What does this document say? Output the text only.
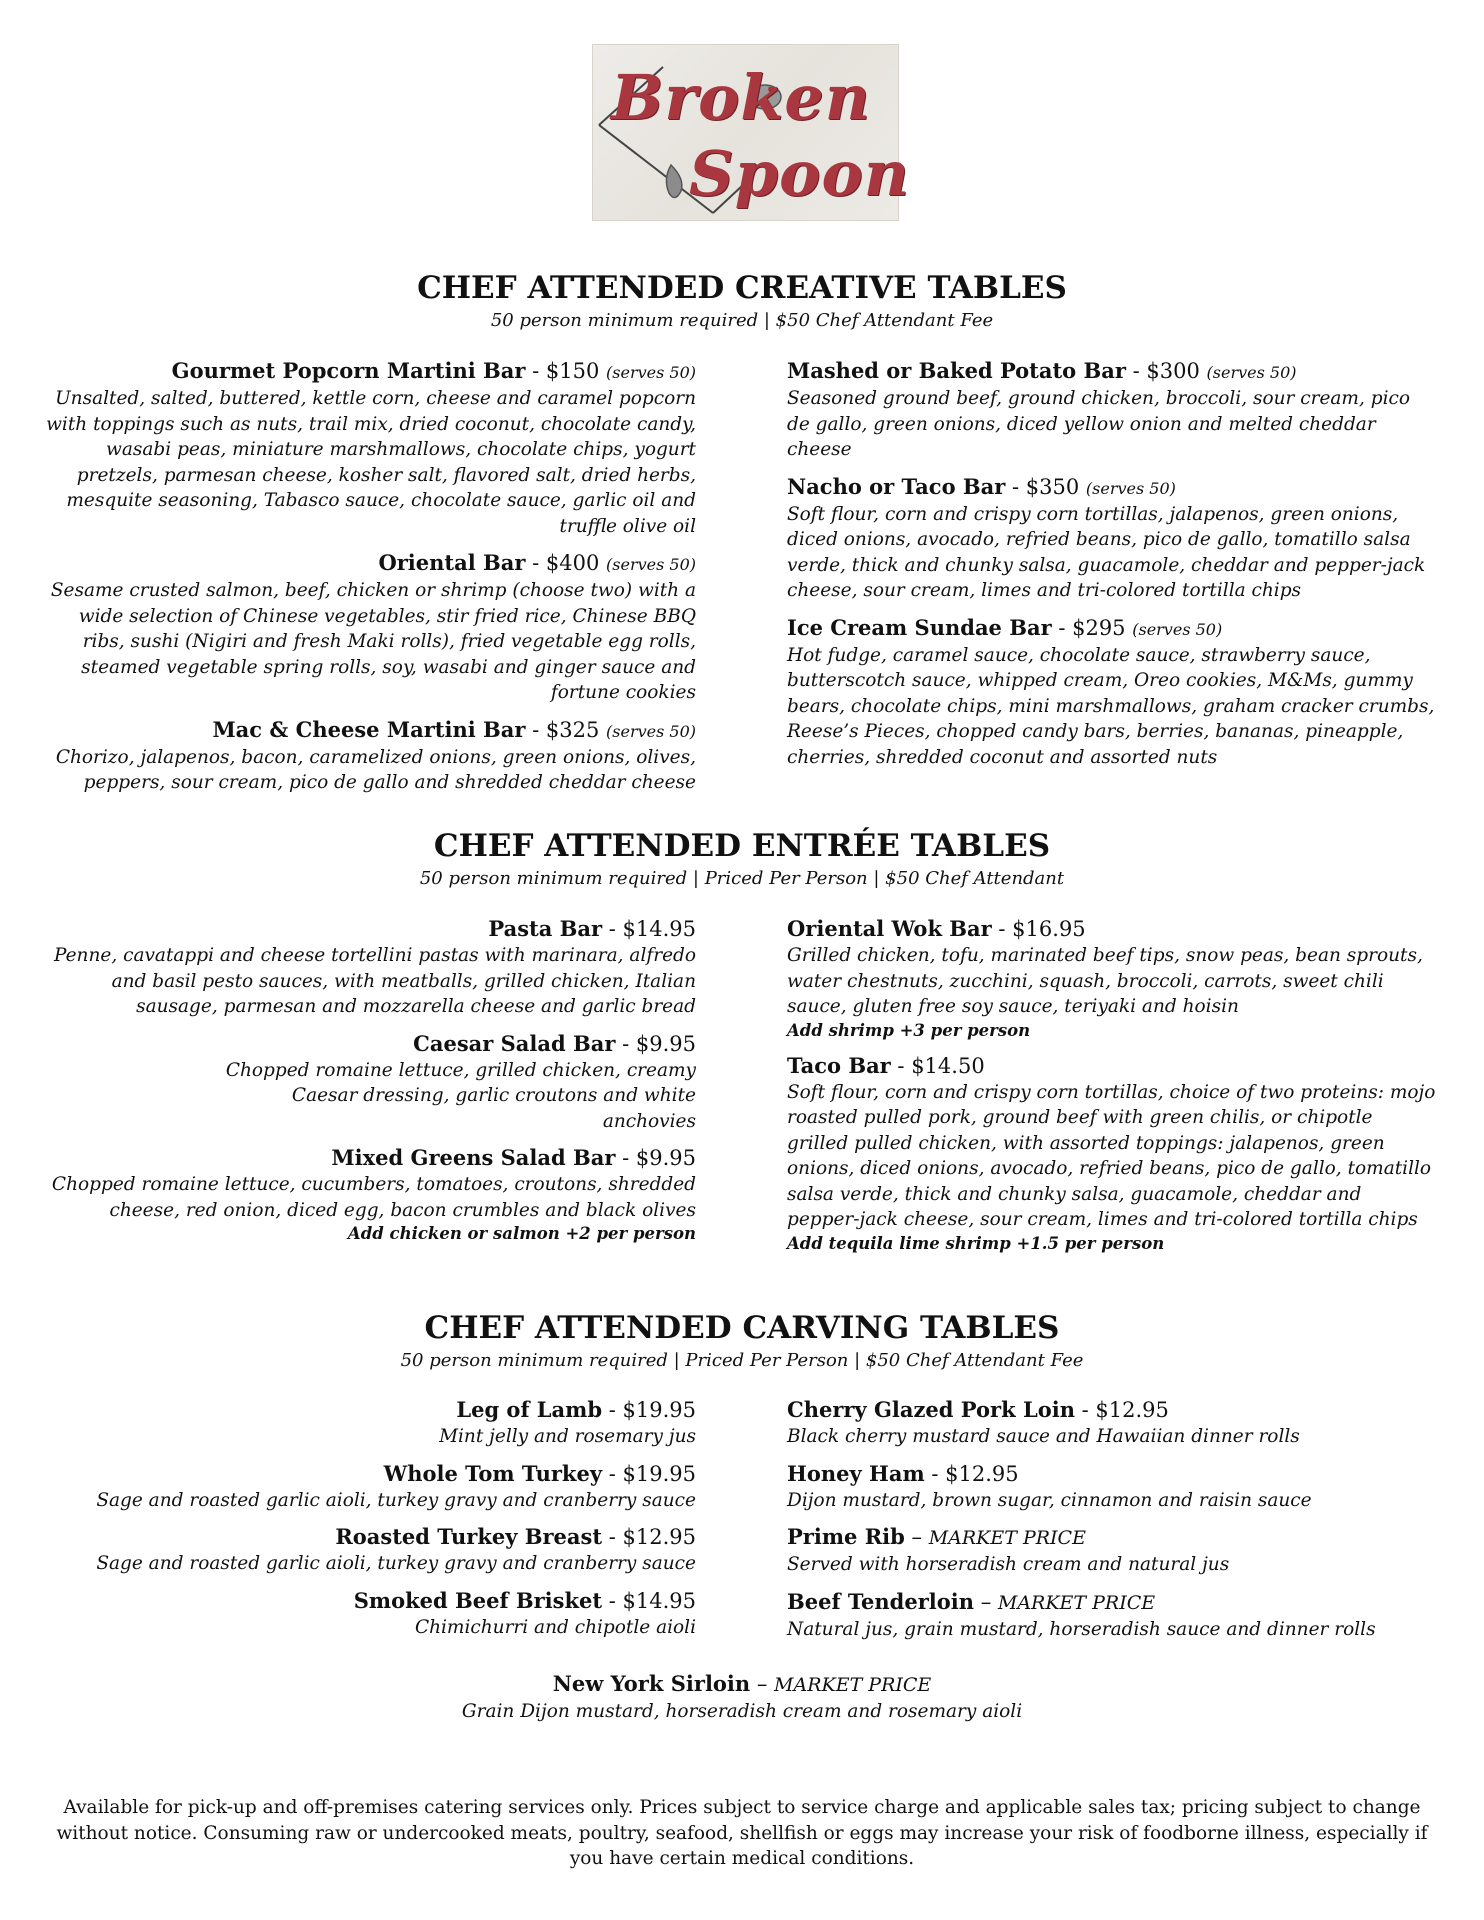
Broken
Spoon
CHEF ATTENDED CREATIVE TABLES

50 person minimum required | $50 Chef Attendant Fee

Gourmet Popcorn Martini Bar - $150 (serves 50)
Unsalted, salted, buttered, kettle corn, cheese and caramel popcorn with toppings such as nuts, trail mix, dried coconut, chocolate candy, wasabi peas, miniature marshmallows, chocolate chips, yogurt pretzels, parmesan cheese, kosher salt, flavored salt, dried herbs, mesquite seasoning, Tabasco sauce, chocolate sauce, garlic oil and truffle olive oil
Oriental Bar - $400 (serves 50)
Sesame crusted salmon, beef, chicken or shrimp (choose two) with a wide selection of Chinese vegetables, stir fried rice, Chinese BBQ ribs, sushi (Nigiri and fresh Maki rolls), fried vegetable egg rolls, steamed vegetable spring rolls, soy, wasabi and ginger sauce and fortune cookies
Mac & Cheese Martini Bar - $325 (serves 50)
Chorizo, jalapenos, bacon, caramelized onions, green onions, olives, peppers, sour cream, pico de gallo and shredded cheddar cheese
Mashed or Baked Potato Bar - $300 (serves 50)
Seasoned ground beef, ground chicken, broccoli, sour cream, pico de gallo, green onions, diced yellow onion and melted cheddar cheese
Nacho or Taco Bar - $350 (serves 50)
Soft flour, corn and crispy corn tortillas, jalapenos, green onions, diced onions, avocado, refried beans, pico de gallo, tomatillo salsa verde, thick and chunky salsa, guacamole, cheddar and pepper-jack cheese, sour cream, limes and tri-colored tortilla chips
Ice Cream Sundae Bar - $295 (serves 50)
Hot fudge, caramel sauce, chocolate sauce, strawberry sauce, butterscotch sauce, whipped cream, Oreo cookies, M&Ms, gummy bears, chocolate chips, mini marshmallows, graham cracker crumbs, Reese’s Pieces, chopped candy bars, berries, bananas, pineapple, cherries, shredded coconut and assorted nuts
CHEF ATTENDED ENTRÉE TABLES

50 person minimum required | Priced Per Person | $50 Chef Attendant

Pasta Bar - $14.95
Penne, cavatappi and cheese tortellini pastas with marinara, alfredo and basil pesto sauces, with meatballs, grilled chicken, Italian sausage, parmesan and mozzarella cheese and garlic bread
Caesar Salad Bar - $9.95
Chopped romaine lettuce, grilled chicken, creamy Caesar dressing, garlic croutons and white anchovies
Mixed Greens Salad Bar - $9.95
Chopped romaine lettuce, cucumbers, tomatoes, croutons, shredded cheese, red onion, diced egg, bacon crumbles and black olives
Add chicken or salmon +2 per person
Oriental Wok Bar - $16.95
Grilled chicken, tofu, marinated beef tips, snow peas, bean sprouts, water chestnuts, zucchini, squash, broccoli, carrots, sweet chili sauce, gluten free soy sauce, teriyaki and hoisin
Add shrimp +3 per person
Taco Bar - $14.50
Soft flour, corn and crispy corn tortillas, choice of two proteins: mojo roasted pulled pork, ground beef with green chilis, or chipotle grilled pulled chicken, with assorted toppings: jalapenos, green onions, diced onions, avocado, refried beans, pico de gallo, tomatillo salsa verde, thick and chunky salsa, guacamole, cheddar and pepper-jack cheese, sour cream, limes and tri-colored tortilla chips
Add tequila lime shrimp +1.5 per person
CHEF ATTENDED CARVING TABLES

50 person minimum required | Priced Per Person | $50 Chef Attendant Fee

Leg of Lamb - $19.95
Mint jelly and rosemary jus
Whole Tom Turkey - $19.95
Sage and roasted garlic aioli, turkey gravy and cranberry sauce
Roasted Turkey Breast - $12.95
Sage and roasted garlic aioli, turkey gravy and cranberry sauce
Smoked Beef Brisket - $14.95
Chimichurri and chipotle aioli
Cherry Glazed Pork Loin - $12.95
Black cherry mustard sauce and Hawaiian dinner rolls
Honey Ham - $12.95
Dijon mustard, brown sugar, cinnamon and raisin sauce
Prime Rib – MARKET PRICE
Served with horseradish cream and natural jus
Beef Tenderloin – MARKET PRICE
Natural jus, grain mustard, horseradish sauce and dinner rolls
New York Sirloin – MARKET PRICE
Grain Dijon mustard, horseradish cream and rosemary aioli
Available for pick-up and off-premises catering services only. Prices subject to service charge and applicable sales tax; pricing subject to change without notice. Consuming raw or undercooked meats, poultry, seafood, shellfish or eggs may increase your risk of foodborne illness, especially if you have certain medical conditions.
